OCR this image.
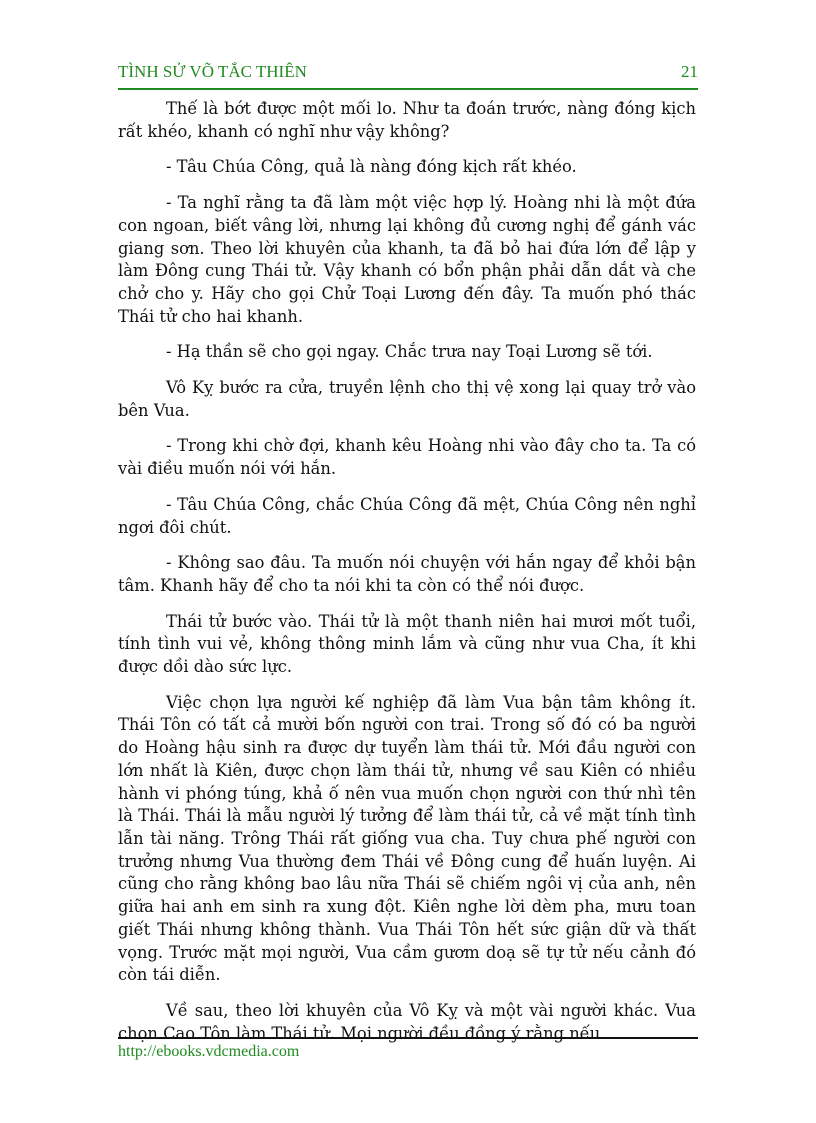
TÌNH SỬ VÕ TẮC THIÊN	21

Thế là bớt được một mối lo. Như ta đoán trước, nàng đóng kịch rất khéo, khanh có nghĩ như vậy không?

- Tâu Chúa Công, quả là nàng đóng kịch rất khéo.

- Ta nghĩ rằng ta đã làm một việc hợp lý. Hoàng nhi là một đứa con ngoan, biết vâng lời, nhưng lại không đủ cương nghị để gánh vác giang sơn. Theo lời khuyên của khanh, ta đã bỏ hai đứa lớn để lập y làm Đông cung Thái tử. Vậy khanh có bổn phận phải dẫn dắt và che chở cho y. Hãy cho gọi Chử Toại Lương đến đây. Ta muốn phó thác Thái tử cho hai khanh.

- Hạ thần sẽ cho gọi ngay. Chắc trưa nay Toại Lương sẽ tới.

Vô Kỵ bước ra cửa, truyền lệnh cho thị vệ xong lại quay trở vào bên Vua.

- Trong khi chờ đợi, khanh kêu Hoàng nhi vào đây cho ta. Ta có vài điều muốn nói với hắn.

- Tâu Chúa Công, chắc Chúa Công đã mệt, Chúa Công nên nghỉ ngơi đôi chút.

- Không sao đâu. Ta muốn nói chuyện với hắn ngay để khỏi bận tâm. Khanh hãy để cho ta nói khi ta còn có thể nói được.

Thái tử bước vào. Thái tử là một thanh niên hai mươi mốt tuổi, tính tình vui vẻ, không thông minh lắm và cũng như vua Cha, ít khi được dồi dào sức lực.

Việc chọn lựa người kế nghiệp đã làm Vua bận tâm không ít. Thái Tôn có tất cả mười bốn người con trai. Trong số đó có ba người do Hoàng hậu sinh ra được dự tuyển làm thái tử. Mới đầu người con lớn nhất là Kiên, được chọn làm thái tử, nhưng về sau Kiên có nhiều hành vi phóng túng, khả ố nên vua muốn chọn người con thứ nhì tên là Thái. Thái là mẫu người lý tưởng để làm thái tử, cả về mặt tính tình lẫn tài năng. Trông Thái rất giống vua cha. Tuy chưa phế người con trưởng nhưng Vua thường đem Thái về Đông cung để huấn luyện. Ai cũng cho rằng không bao lâu nữa Thái sẽ chiếm ngôi vị của anh, nên giữa hai anh em sinh ra xung đột. Kiên nghe lời dèm pha, mưu toan giết Thái nhưng không thành. Vua Thái Tôn hết sức giận dữ và thất vọng. Trước mặt mọi người, Vua cầm gươm doạ sẽ tự tử nếu cảnh đó còn tái diễn.

Về sau, theo lời khuyên của Vô Kỵ và một vài người khác. Vua chọn Cao Tôn làm Thái tử. Mọi người đều đồng ý rằng nếu

http://ebooks.vdcmedia.com
